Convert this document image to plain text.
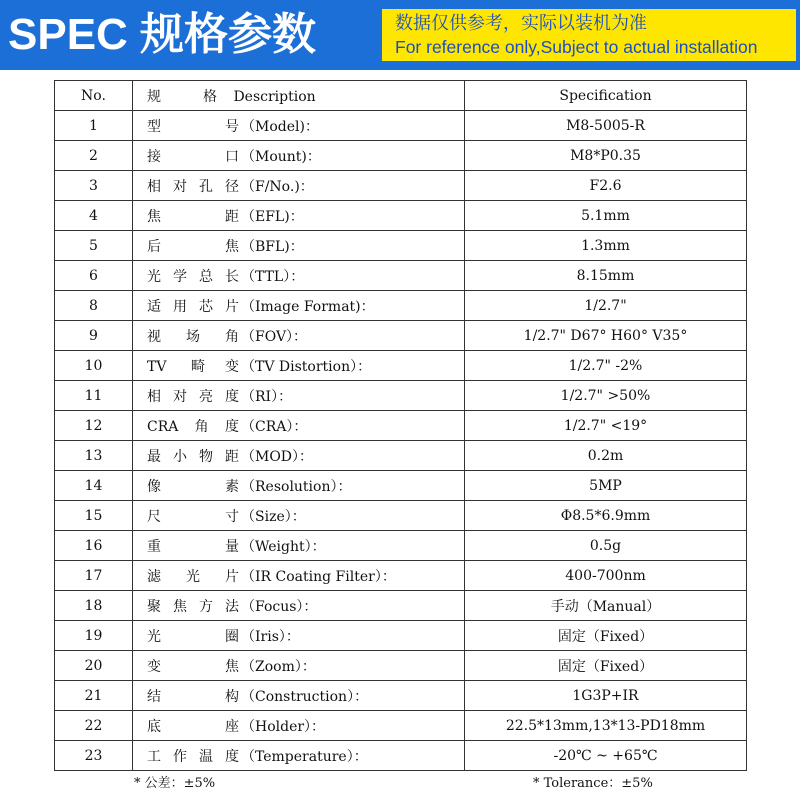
SPEC 规格参数	数据仅供参考，实际以装机为准
For reference only,Subject to actual installation
No.	规格 Description	Specification
1	型号 （Model)：	M8-5005-R
2	接口 （Mount)：	M8*P0.35
3	相对孔径 （F/No.)：	F2.6
4	焦距 （EFL)：	5.1mm
5	后焦 （BFL)：	1.3mm
6	光学总长 （TTL）：	8.15mm
8	适用芯片 （Image Format)：	1/2.7"
9	视场角 （FOV）：	1/2.7" D67° H60° V35°
10	TV 畸变 （TV Distortion）：	1/2.7" -2%
11	相对亮度 （RI）：	1/2.7" >50%
12	CRA角度 （CRA）：	1/2.7" <19°
13	最小物距 （MOD）：	0.2m
14	像素 （Resolution）：	5MP
15	尺寸 （Size）：	Φ8.5*6.9mm
16	重量 （Weight）：	0.5g
17	滤光片 （IR Coating Filter）：	400-700nm
18	聚焦方法 （Focus）：	手动（Manual）
19	光圈 （Iris）：	固定（Fixed）
20	变焦 （Zoom）：	固定（Fixed）
21	结构 （Construction）：	1G3P+IR
22	底座 （Holder）：	22.5*13mm,13*13-PD18mm
23	工作温度 （Temperature）：	-20℃ ~ +65℃
* 公差：±5%	* Tolerance：±5%
